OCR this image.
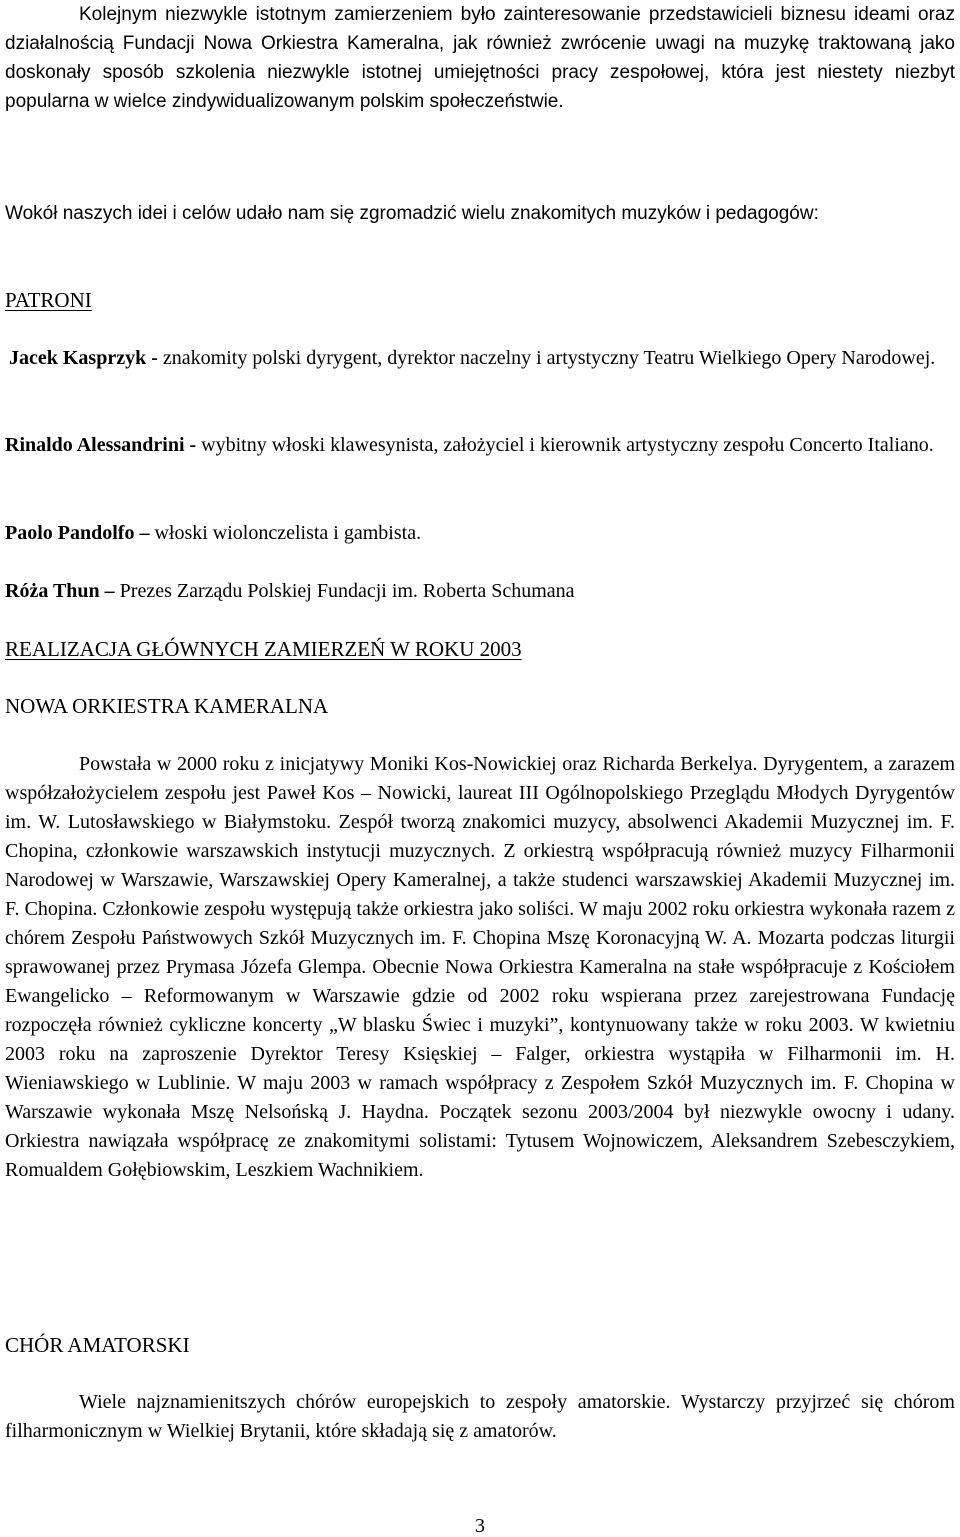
Kolejnym niezwykle istotnym zamierzeniem było zainteresowanie przedstawicieli biznesu ideami oraz działalnością Fundacji Nowa Orkiestra Kameralna, jak również zwrócenie uwagi na muzykę traktowaną jako doskonały sposób szkolenia niezwykle istotnej umiejętności pracy zespołowej, która jest niestety niezbyt popularna w wielce zindywidualizowanym polskim społeczeństwie.

Wokół naszych idei i celów udało nam się zgromadzić wielu znakomitych muzyków i pedagogów:

PATRONI

Jacek Kasprzyk - znakomity polski dyrygent, dyrektor naczelny i artystyczny Teatru Wielkiego Opery Narodowej.

Rinaldo Alessandrini - wybitny włoski klawesynista, założyciel i kierownik artystyczny zespołu Concerto Italiano.

Paolo Pandolfo – włoski wiolonczelista i gambista.

Róża Thun – Prezes Zarządu Polskiej Fundacji im. Roberta Schumana

REALIZACJA GŁÓWNYCH ZAMIERZEŃ W ROKU 2003
NOWA ORKIESTRA KAMERALNA

Powstała w 2000 roku z inicjatywy Moniki Kos-Nowickiej oraz Richarda Berkelya. Dyrygentem, a zarazem współzałożycielem zespołu jest Paweł Kos – Nowicki, laureat III Ogólnopolskiego Przeglądu Młodych Dyrygentów im. W. Lutosławskiego w Białymstoku. Zespół tworzą znakomici muzycy, absolwenci Akademii Muzycznej im. F. Chopina, członkowie warszawskich instytucji muzycznych. Z orkiestrą współpracują również muzycy Filharmonii Narodowej w Warszawie, Warszawskiej Opery Kameralnej, a także studenci warszawskiej Akademii Muzycznej im. F. Chopina. Członkowie zespołu występują także orkiestra jako soliści. W maju 2002 roku orkiestra wykonała razem z chórem Zespołu Państwowych Szkół Muzycznych im. F. Chopina Mszę Koronacyjną W. A. Mozarta podczas liturgii sprawowanej przez Prymasa Józefa Glempa. Obecnie Nowa Orkiestra Kameralna na stałe współpracuje z Kościołem Ewangelicko – Reformowanym w Warszawie gdzie od 2002 roku wspierana przez zarejestrowana Fundację rozpoczęła również cykliczne koncerty „W blasku Świec i muzyki”, kontynuowany także w roku 2003. W kwietniu 2003 roku na zaproszenie Dyrektor Teresy Księskiej – Falger, orkiestra wystąpiła w Filharmonii im. H. Wieniawskiego w Lublinie. W maju 2003 w ramach współpracy z Zespołem Szkół Muzycznych im. F. Chopina w Warszawie wykonała Mszę Nelsońską J. Haydna. Początek sezonu 2003/2004 był niezwykle owocny i udany. Orkiestra nawiązała współpracę ze znakomitymi solistami: Tytusem Wojnowiczem, Aleksandrem Szebesczykiem, Romualdem Gołębiowskim, Leszkiem Wachnikiem.

CHÓR AMATORSKI

Wiele najznamienitszych chórów europejskich to zespoły amatorskie. Wystarczy przyjrzeć się chórom filharmonicznym w Wielkiej Brytanii, które składają się z amatorów.

3
